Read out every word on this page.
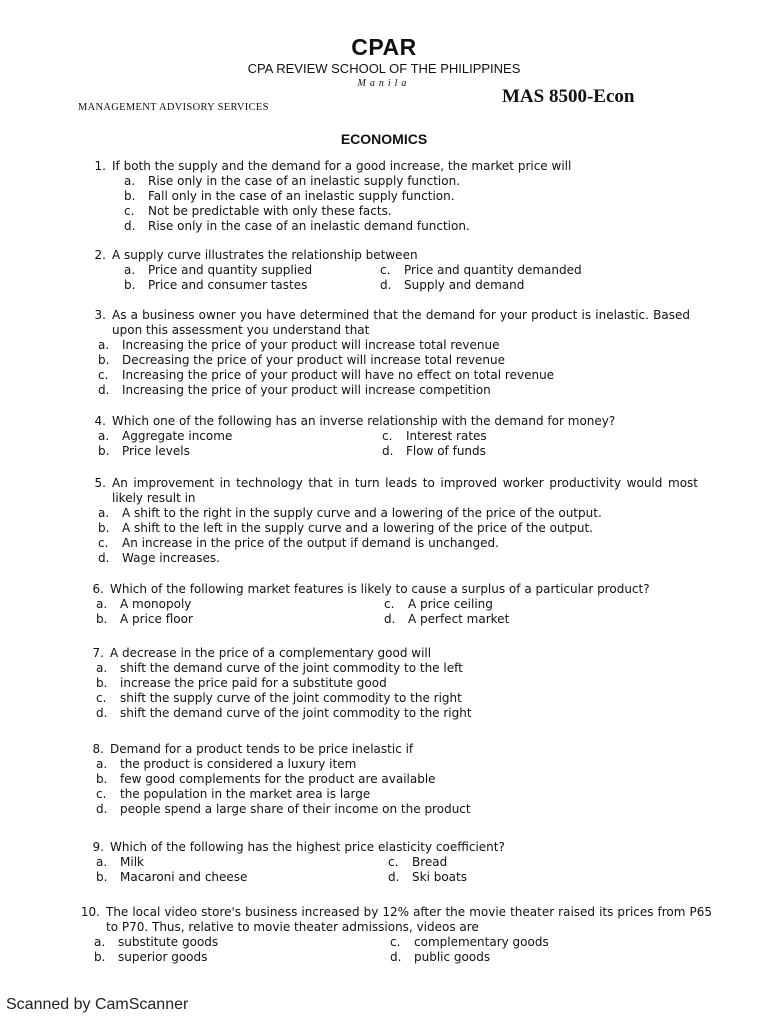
CPAR
CPA REVIEW SCHOOL OF THE PHILIPPINES
Manila
MANAGEMENT ADVISORY SERVICES
MAS 8500-Econ
ECONOMICS
1. If both the supply and the demand for a good increase, the market price will
a.	Rise only in the case of an inelastic supply function.
b.	Fall only in the case of an inelastic supply function.
c.	Not be predictable with only these facts.
d.	Rise only in the case of an inelastic demand function.
2. A supply curve illustrates the relationship between
a.	Price and quantity supplied	c.	Price and quantity demanded
b.	Price and consumer tastes	d.	Supply and demand
3. As a business owner you have determined that the demand for your product is inelastic. Based upon this assessment you understand that
a.	Increasing the price of your product will increase total revenue
b.	Decreasing the price of your product will increase total revenue
c.	Increasing the price of your product will have no effect on total revenue
d.	Increasing the price of your product will increase competition
4. Which one of the following has an inverse relationship with the demand for money?
a.	Aggregate income	c.	Interest rates
b.	Price levels	d.	Flow of funds
5. An improvement in technology that in turn leads to improved worker productivity would most likely result in
a.	A shift to the right in the supply curve and a lowering of the price of the output.
b.	A shift to the left in the supply curve and a lowering of the price of the output.
c.	An increase in the price of the output if demand is unchanged.
d.	Wage increases.
6. Which of the following market features is likely to cause a surplus of a particular product?
a.	A monopoly	c.	A price ceiling
b.	A price floor	d.	A perfect market
7. A decrease in the price of a complementary good will
a.	shift the demand curve of the joint commodity to the left
b.	increase the price paid for a substitute good
c.	shift the supply curve of the joint commodity to the right
d.	shift the demand curve of the joint commodity to the right
8. Demand for a product tends to be price inelastic if
a.	the product is considered a luxury item
b.	few good complements for the product are available
c.	the population in the market area is large
d.	people spend a large share of their income on the product
9. Which of the following has the highest price elasticity coefficient?
a.	Milk	c.	Bread
b.	Macaroni and cheese	d.	Ski boats
10. The local video store's business increased by 12% after the movie theater raised its prices from P65 to P70. Thus, relative to movie theater admissions, videos are
a.	substitute goods	c.	complementary goods
b.	superior goods	d.	public goods
Scanned by CamScanner
